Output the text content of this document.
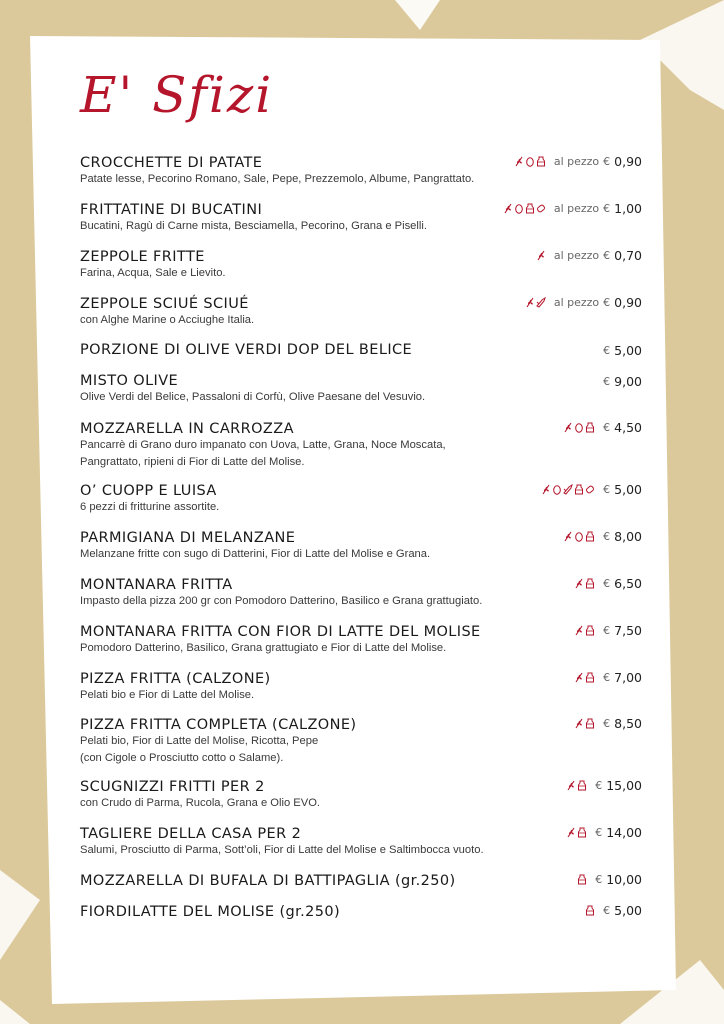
E' Sfizi
CROCCHETTE DI PATATE	al pezzo € 0,90
Patate lesse, Pecorino Romano, Sale, Pepe, Prezzemolo, Albume, Pangrattato.
FRITTATINE DI BUCATINI	al pezzo € 1,00
Bucatini, Ragù di Carne mista, Besciamella, Pecorino, Grana e Piselli.
ZEPPOLE FRITTE	al pezzo € 0,70
Farina, Acqua, Sale e Lievito.
ZEPPOLE SCIUÉ SCIUÉ	al pezzo € 0,90
con Alghe Marine o Acciughe Italia.
PORZIONE DI OLIVE VERDI DOP DEL BELICE	€ 5,00
MISTO OLIVE	€ 9,00
Olive Verdi del Belice, Passaloni di Corfù, Olive Paesane del Vesuvio.
MOZZARELLA IN CARROZZA	€ 4,50
Pancarrè di Grano duro impanato con Uova, Latte, Grana, Noce Moscata,
Pangrattato, ripieni di Fior di Latte del Molise.
O’ CUOPP E LUISA	€ 5,00
6 pezzi di fritturine assortite.
PARMIGIANA DI MELANZANE	€ 8,00
Melanzane fritte con sugo di Datterini, Fior di Latte del Molise e Grana.
MONTANARA FRITTA	€ 6,50
Impasto della pizza 200 gr con Pomodoro Datterino, Basilico e Grana grattugiato.
MONTANARA FRITTA CON FIOR DI LATTE DEL MOLISE	€ 7,50
Pomodoro Datterino, Basilico, Grana grattugiato e Fior di Latte del Molise.
PIZZA FRITTA (CALZONE)	€ 7,00
Pelati bio e Fior di Latte del Molise.
PIZZA FRITTA COMPLETA (CALZONE)	€ 8,50
Pelati bio, Fior di Latte del Molise, Ricotta, Pepe
(con Cigole o Prosciutto cotto o Salame).
SCUGNIZZI FRITTI PER 2	€ 15,00
con Crudo di Parma, Rucola, Grana e Olio EVO.
TAGLIERE DELLA CASA PER 2	€ 14,00
Salumi, Prosciutto di Parma, Sott’oli, Fior di Latte del Molise e Saltimbocca vuoto.
MOZZARELLA DI BUFALA DI BATTIPAGLIA (gr.250)	€ 10,00
FIORDILATTE DEL MOLISE (gr.250)	€ 5,00
